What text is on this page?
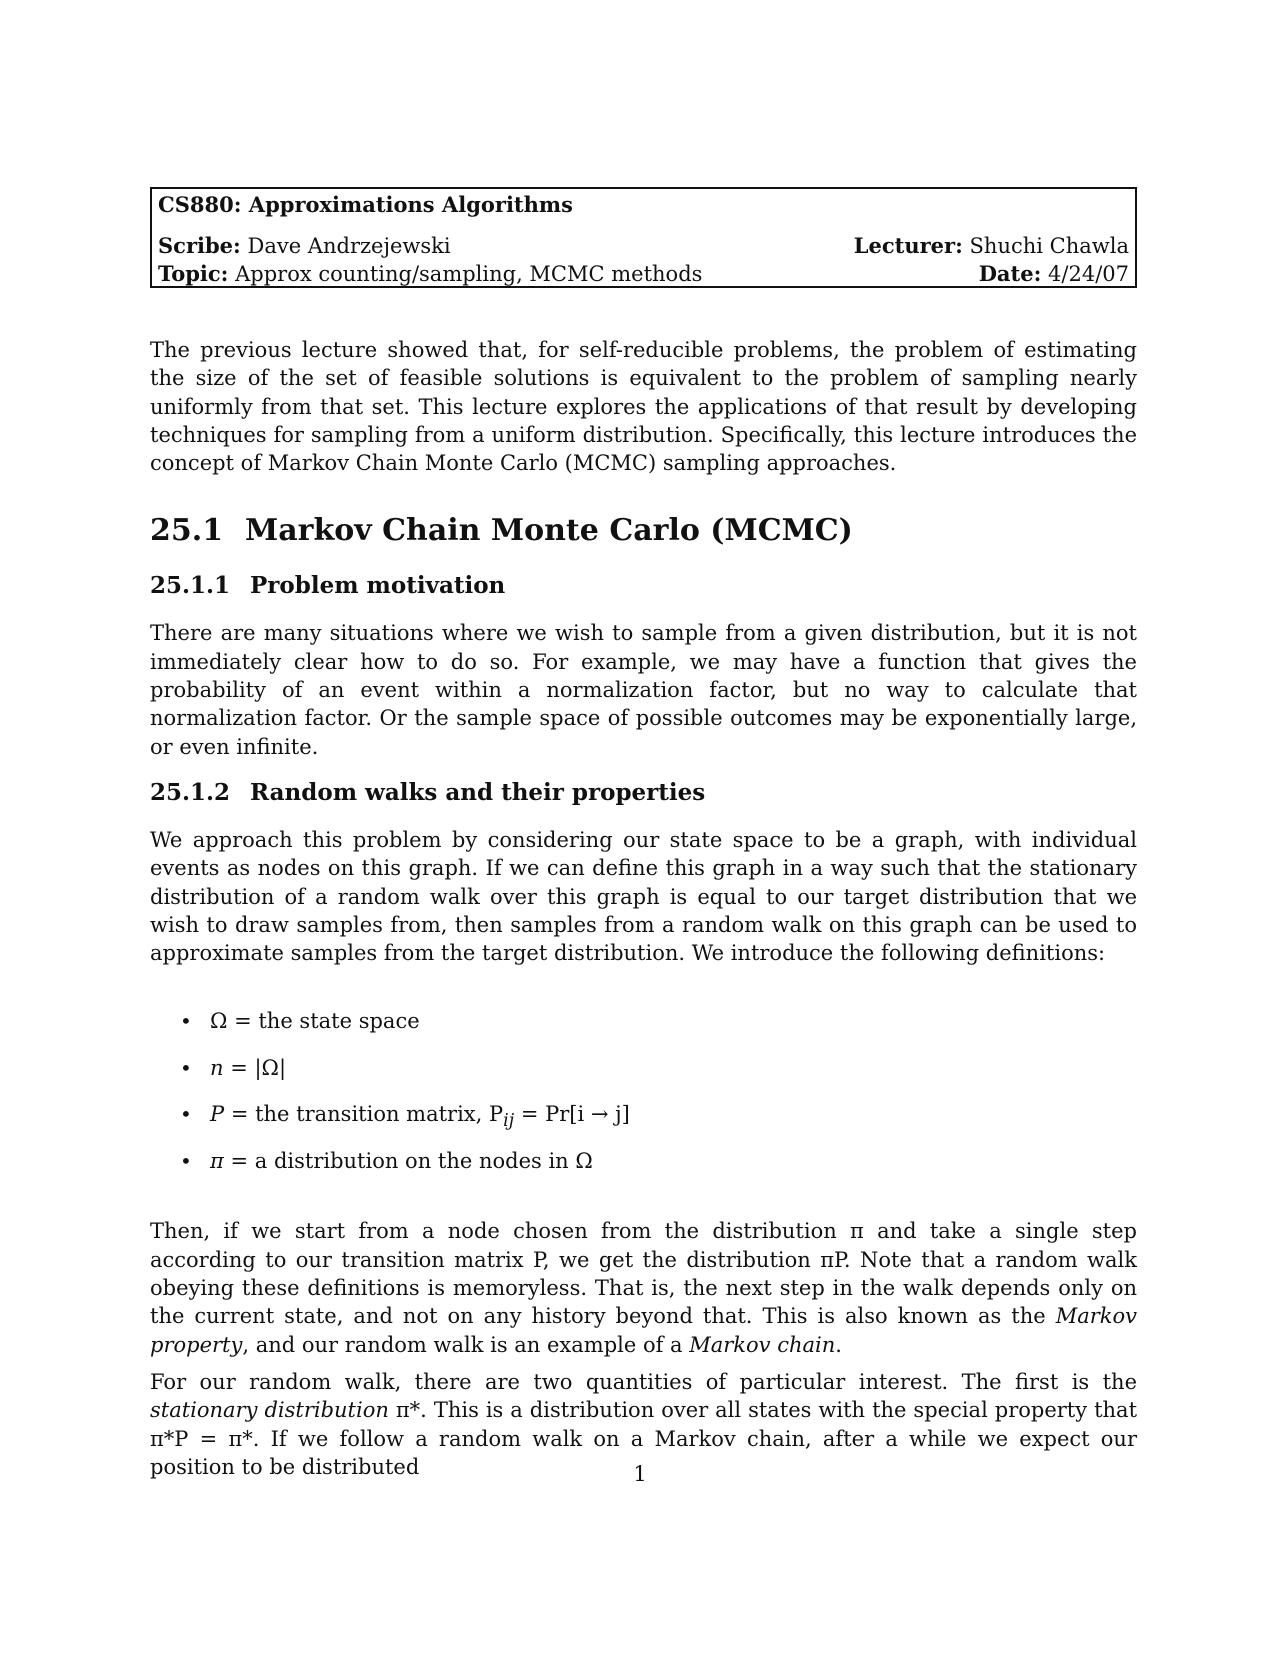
CS880: Approximations Algorithms
Scribe: Dave Andrzejewski	Lecturer: Shuchi Chawla
Topic: Approx counting/sampling, MCMC methods	Date: 4/24/07

The previous lecture showed that, for self-reducible problems, the problem of estimating the size of the set of feasible solutions is equivalent to the problem of sampling nearly uniformly from that set. This lecture explores the applications of that result by developing techniques for sampling from a uniform distribution. Specifically, this lecture introduces the concept of Markov Chain Monte Carlo (MCMC) sampling approaches.

25.1 Markov Chain Monte Carlo (MCMC)
25.1.1 Problem motivation

There are many situations where we wish to sample from a given distribution, but it is not immediately clear how to do so. For example, we may have a function that gives the probability of an event within a normalization factor, but no way to calculate that normalization factor. Or the sample space of possible outcomes may be exponentially large, or even infinite.

25.1.2 Random walks and their properties

We approach this problem by considering our state space to be a graph, with individual events as nodes on this graph. If we can define this graph in a way such that the stationary distribution of a random walk over this graph is equal to our target distribution that we wish to draw samples from, then samples from a random walk on this graph can be used to approximate samples from the target distribution. We introduce the following definitions:

• Ω = the state space
• n = |Ω|
• P = the transition matrix, $P_{ij} = Pr[i \to j]$
• π = a distribution on the nodes in Ω

Then, if we start from a node chosen from the distribution π and take a single step according to our transition matrix P, we get the distribution πP. Note that a random walk obeying these definitions is memoryless. That is, the next step in the walk depends only on the current state, and not on any history beyond that. This is also known as the Markov property, and our random walk is an example of a Markov chain.

For our random walk, there are two quantities of particular interest. The first is the stationary distribution π*. This is a distribution over all states with the special property that π*P = π*. If we follow a random walk on a Markov chain, after a while we expect our position to be distributed	1
